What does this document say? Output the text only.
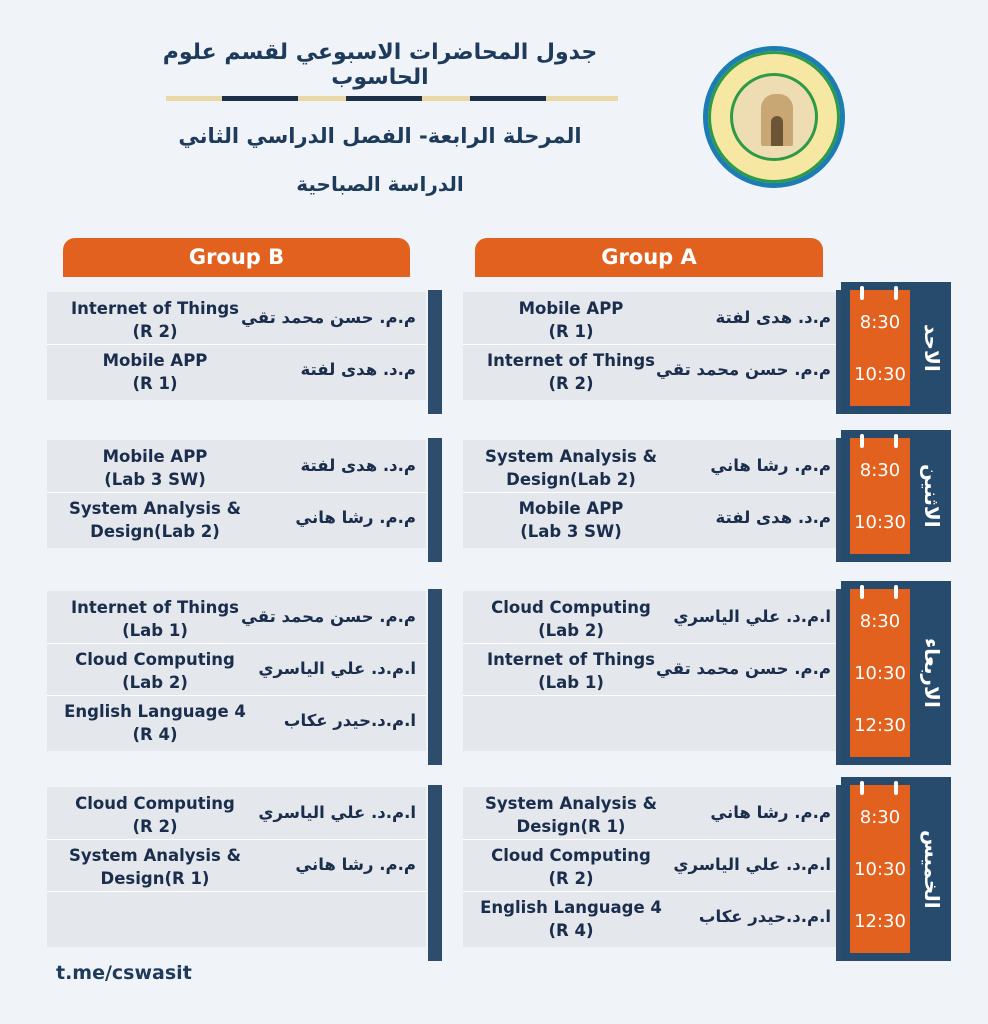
جدول المحاضرات الاسبوعي لقسم علوم الحاسوب
المرحلة الرابعة- الفصل الدراسي الثاني
الدراسة الصباحية
Group B	Group A
Internet of Things
(R 2)
م.م. حسن محمد تقي
Mobile APP
(R 1)
م.د. هدى لفتة
Mobile APP
(R 1)
م.د. هدى لفتة
Internet of Things
(R 2)
م.م. حسن محمد تقي
8:30
10:30
الاحد
Mobile APP
(Lab 3 SW)
م.د. هدى لفتة
System Analysis &
Design(Lab 2)
م.م. رشا هاني
System Analysis &
Design(Lab 2)
م.م. رشا هاني
Mobile APP
(Lab 3 SW)
م.د. هدى لفتة
8:30
10:30 الاثنين
Internet of Things
(Lab 1)
م.م. حسن محمد تقي
Cloud Computing
(Lab 2)
ا.م.د. علي الياسري
English Language 4
(R 4)
ا.م.د.حيدر عكاب
Cloud Computing
(Lab 2)
ا.م.د. علي الياسري
Internet of Things
(Lab 1)
م.م. حسن محمد تقي
8:30
10:30
12:30
الاربعاء
Cloud Computing
(R 2)
ا.م.د. علي الياسري
System Analysis &
Design(R 1)
م.م. رشا هاني
System Analysis &
Design(R 1)
م.م. رشا هاني
Cloud Computing
(R 2)
ا.م.د. علي الياسري
English Language 4
(R 4)
ا.م.د.حيدر عكاب
8:30
10:30
12:30
الخميس
t.me/cswasit
